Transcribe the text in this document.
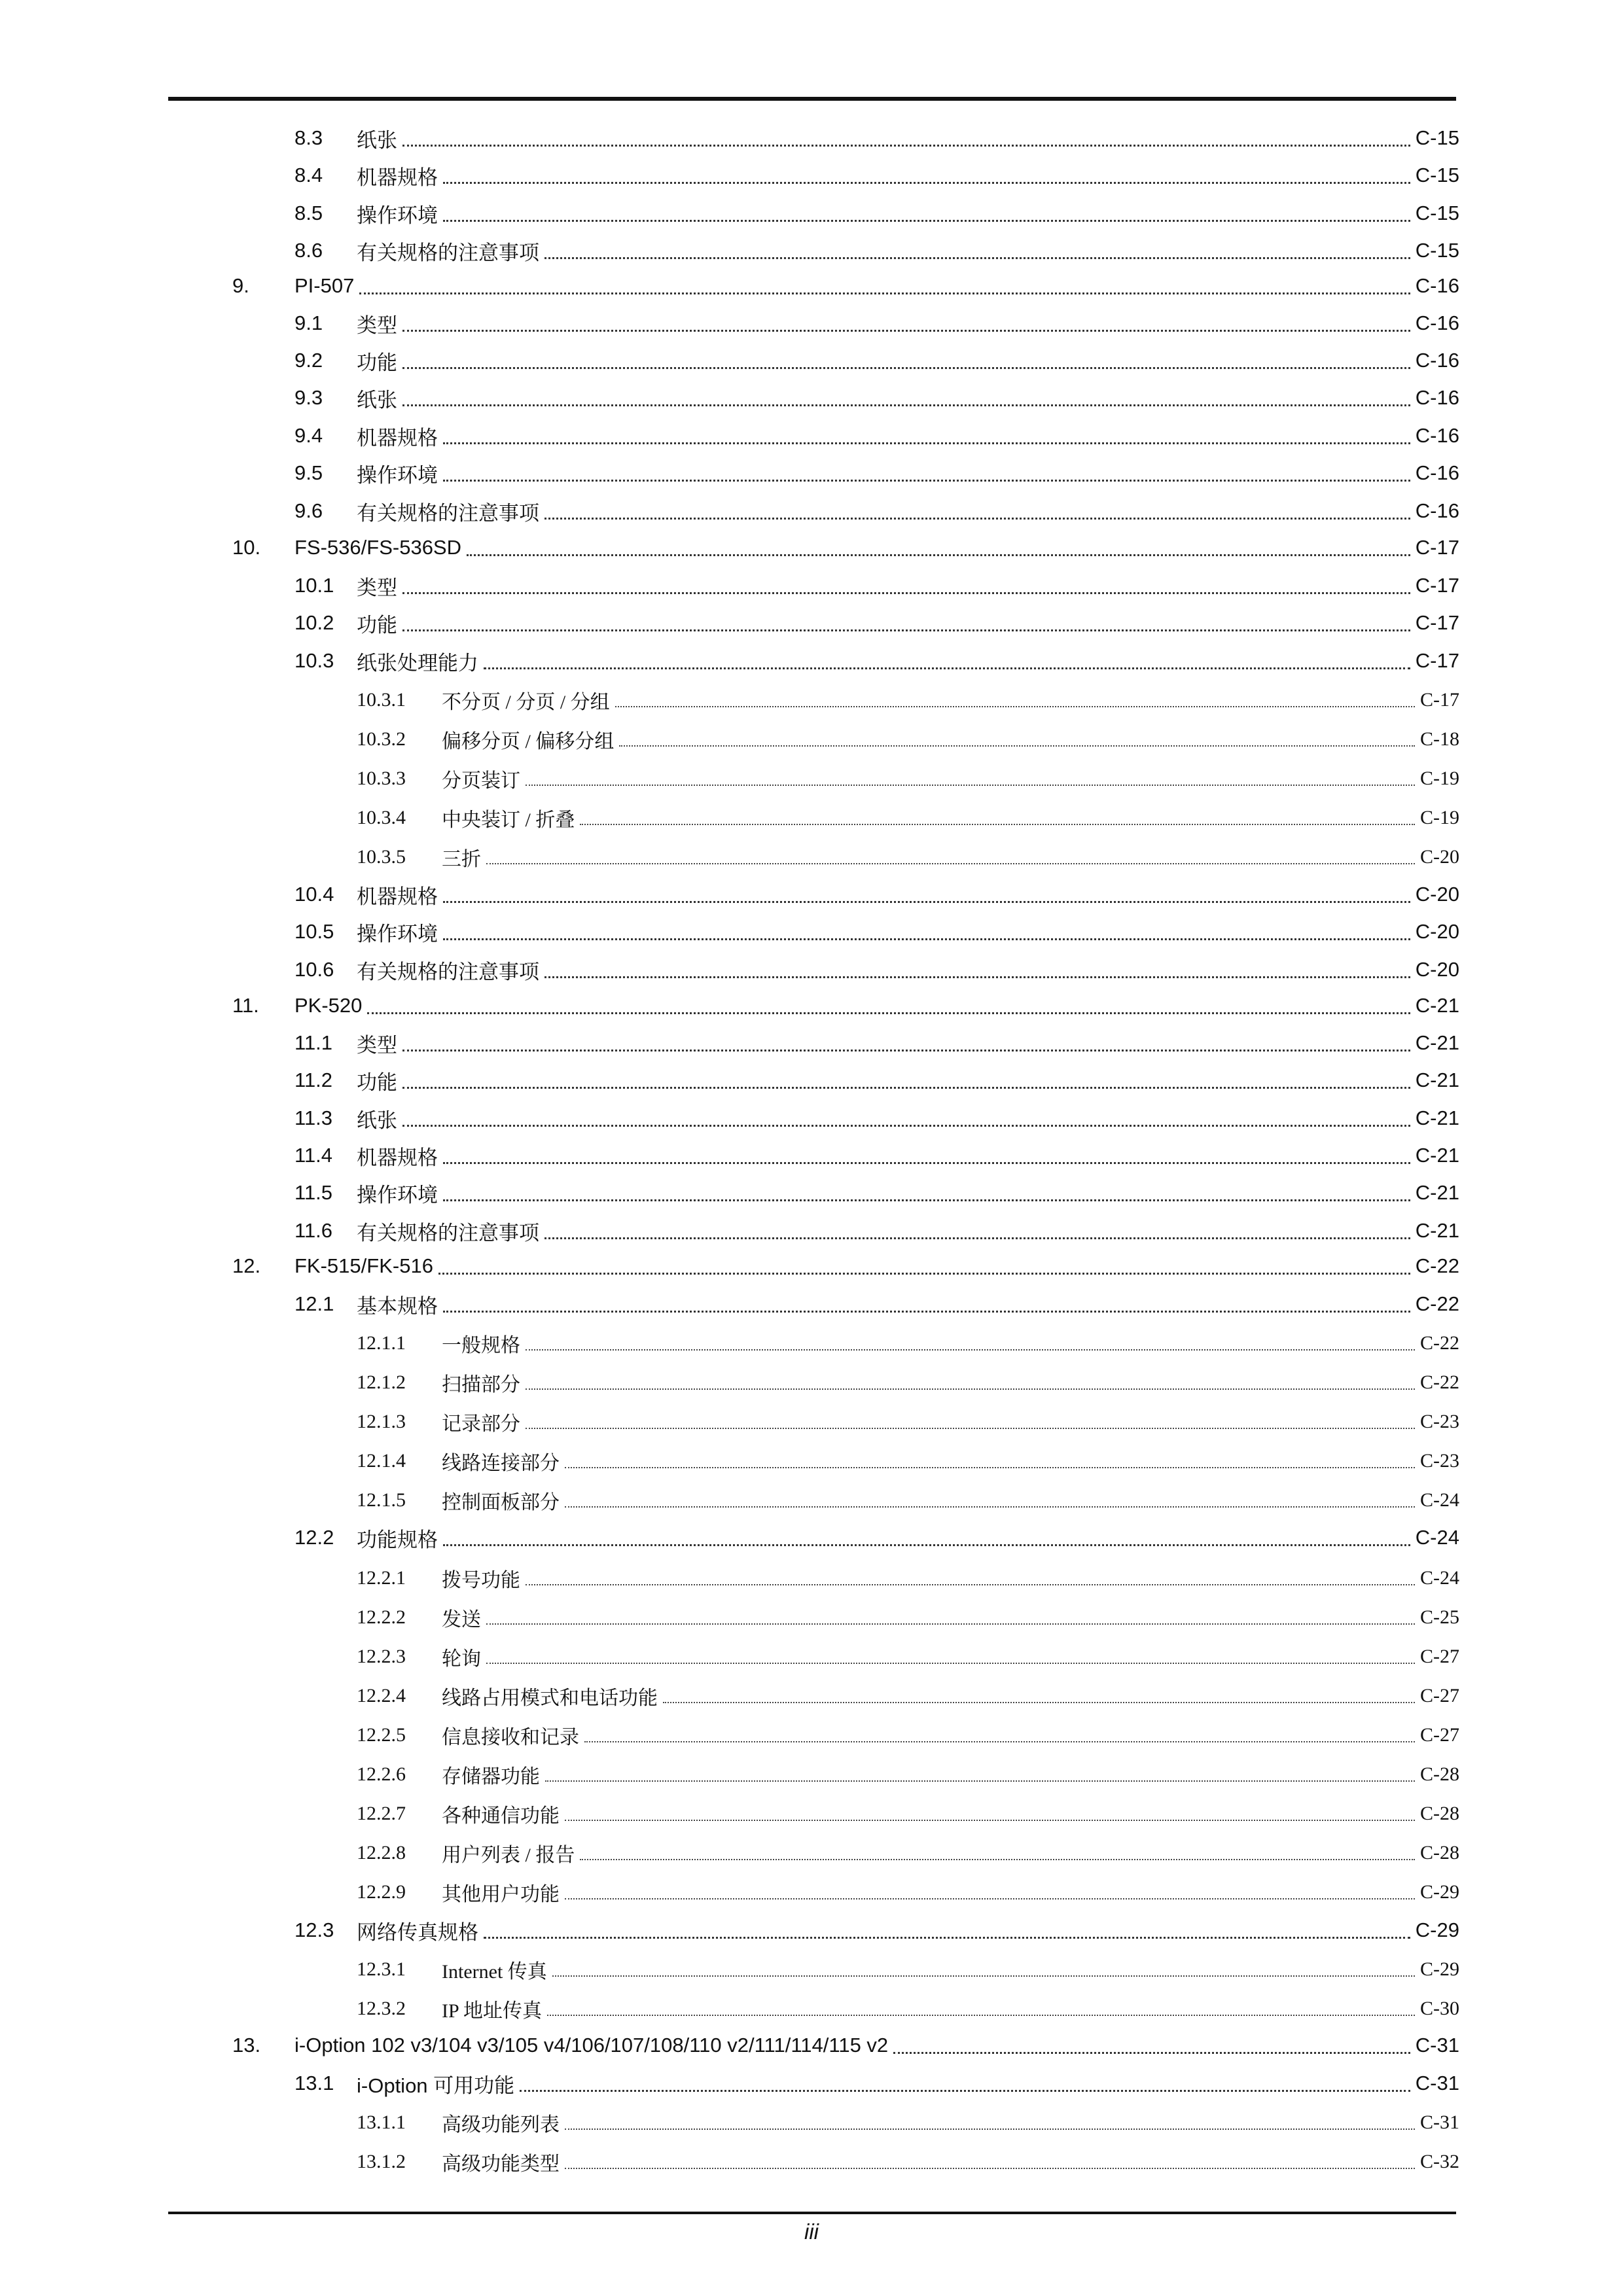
8.3	纸张	C-15
8.4	机器规格	C-15
8.5	操作环境	C-15
8.6	有关规格的注意事项	C-15
9.	PI-507	C-16
9.1	类型	C-16
9.2	功能	C-16
9.3	纸张	C-16
9.4	机器规格	C-16
9.5	操作环境	C-16
9.6	有关规格的注意事项	C-16
10.	FS-536/FS-536SD	C-17
10.1	类型	C-17
10.2	功能	C-17
10.3	纸张处理能力	C-17
10.3.1	不分页 / 分页 / 分组	C-17
10.3.2	偏移分页 / 偏移分组	C-18
10.3.3	分页装订	C-19
10.3.4	中央装订 / 折叠	C-19
10.3.5	三折	C-20
10.4	机器规格	C-20
10.5	操作环境	C-20
10.6	有关规格的注意事项	C-20
11.	PK-520	C-21
11.1	类型	C-21
11.2	功能	C-21
11.3	纸张	C-21
11.4	机器规格	C-21
11.5	操作环境	C-21
11.6	有关规格的注意事项	C-21
12.	FK-515/FK-516	C-22
12.1	基本规格	C-22
12.1.1	一般规格	C-22
12.1.2	扫描部分	C-22
12.1.3	记录部分	C-23
12.1.4	线路连接部分	C-23
12.1.5	控制面板部分	C-24
12.2	功能规格	C-24
12.2.1	拨号功能	C-24
12.2.2	发送	C-25
12.2.3	轮询	C-27
12.2.4	线路占用模式和电话功能	C-27
12.2.5	信息接收和记录	C-27
12.2.6	存储器功能	C-28
12.2.7	各种通信功能	C-28
12.2.8	用户列表 / 报告	C-28
12.2.9	其他用户功能	C-29
12.3	网络传真规格	C-29
12.3.1	Internet 传真	C-29
12.3.2	IP 地址传真	C-30
13.	i-Option 102 v3/104 v3/105 v4/106/107/108/110 v2/111/114/115 v2	C-31
13.1	i-Option 可用功能	C-31
13.1.1	高级功能列表	C-31
13.1.2	高级功能类型	C-32
iii
